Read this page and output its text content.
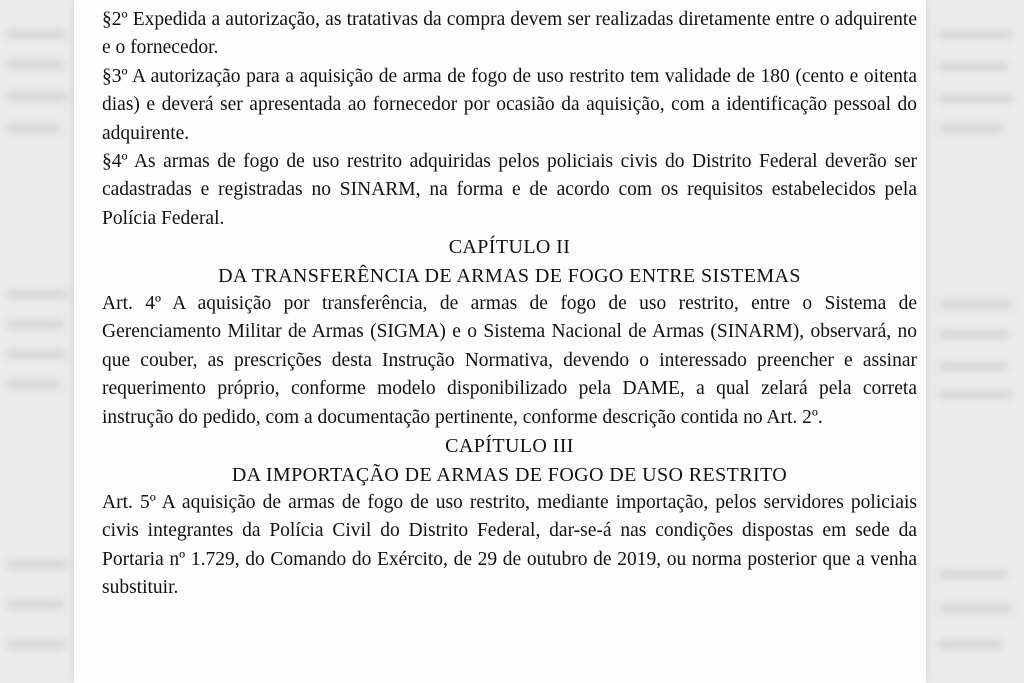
§2º Expedida a autorização, as tratativas da compra devem ser realizadas diretamente entre o adquirente e o fornecedor.

§3º A autorização para a aquisição de arma de fogo de uso restrito tem validade de 180 (cento e oitenta dias) e deverá ser apresentada ao fornecedor por ocasião da aquisição, com a identificação pessoal do adquirente.

§4º As armas de fogo de uso restrito adquiridas pelos policiais civis do Distrito Federal deverão ser cadastradas e registradas no SINARM, na forma e de acordo com os requisitos estabelecidos pela Polícia Federal.

CAPÍTULO II
DA TRANSFERÊNCIA DE ARMAS DE FOGO ENTRE SISTEMAS

Art. 4º A aquisição por transferência, de armas de fogo de uso restrito, entre o Sistema de Gerenciamento Militar de Armas (SIGMA) e o Sistema Nacional de Armas (SINARM), observará, no que couber, as prescrições desta Instrução Normativa, devendo o interessado preencher e assinar requerimento próprio, conforme modelo disponibilizado pela DAME, a qual zelará pela correta instrução do pedido, com a documentação pertinente, conforme descrição contida no Art. 2º.

CAPÍTULO III
DA IMPORTAÇÃO DE ARMAS DE FOGO DE USO RESTRITO

Art. 5º A aquisição de armas de fogo de uso restrito, mediante importação, pelos servidores policiais civis integrantes da Polícia Civil do Distrito Federal, dar-se-á nas condições dispostas em sede da Portaria nº 1.729, do Comando do Exército, de 29 de outubro de 2019, ou norma posterior que a venha substituir.
